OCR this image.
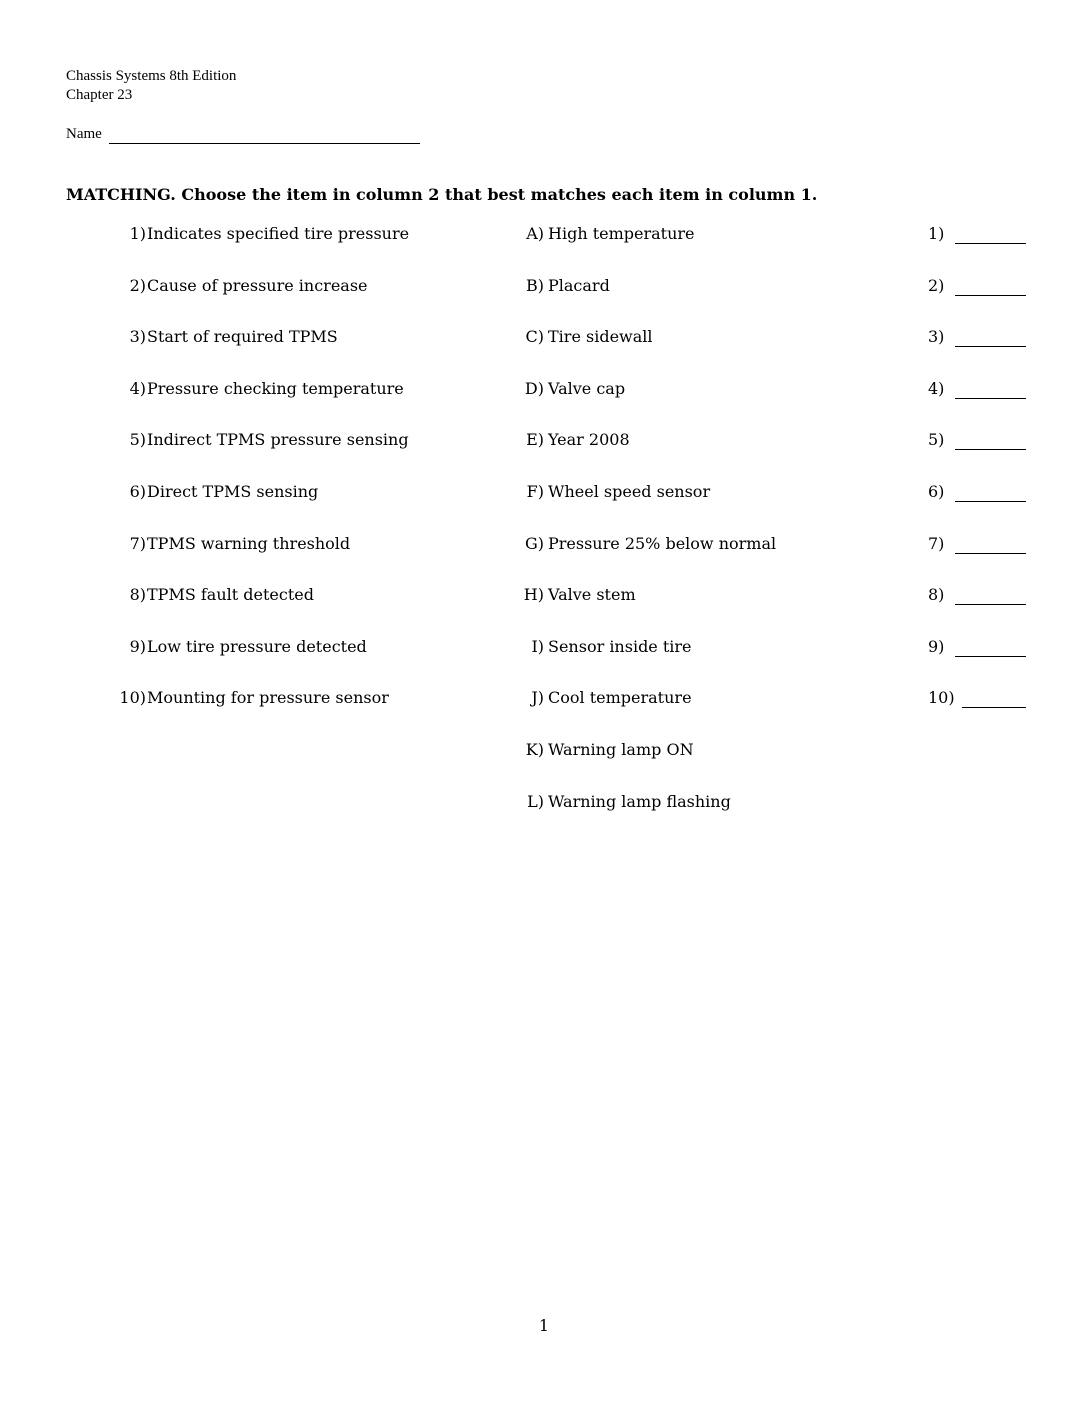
Chassis Systems 8th Edition
Chapter 23
Name
MATCHING. Choose the item in column 2 that best matches each item in column 1.
1)Indicates specified tire pressure
2)Cause of pressure increase
3)Start of required TPMS
4)Pressure checking temperature
5)Indirect TPMS pressure sensing
6)Direct TPMS sensing
7)TPMS warning threshold
8)TPMS fault detected
9)Low tire pressure detected
10)Mounting for pressure sensor
A) High temperature
B) Placard
C) Tire sidewall
D) Valve cap
E) Year 2008
F) Wheel speed sensor
G) Pressure 25% below normal
H) Valve stem
I) Sensor inside tire
J) Cool temperature
K) Warning lamp ON
L) Warning lamp flashing
1)
2)
3)
4)
5)
6)
7)
8)
9)
10)
1
